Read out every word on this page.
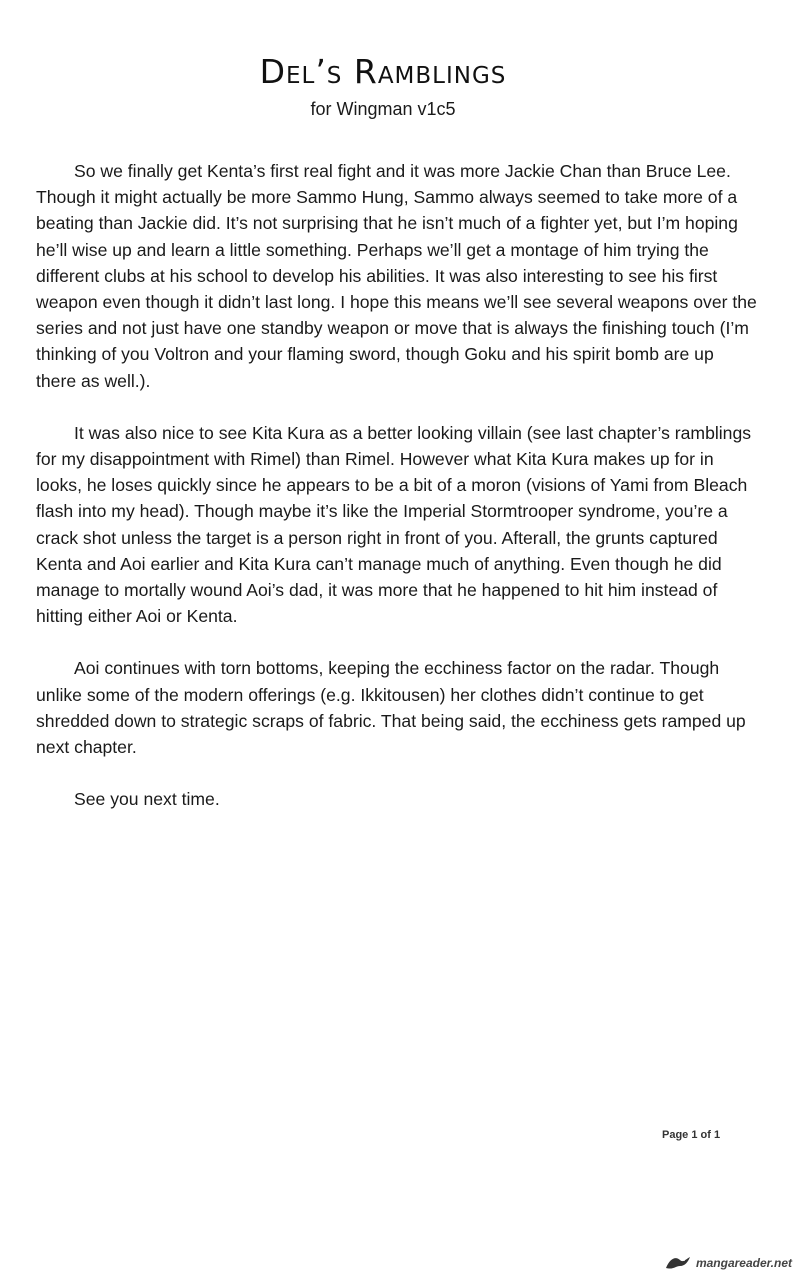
Del’s Ramblings
for Wingman v1c5

So we finally get Kenta’s first real fight and it was more Jackie Chan than Bruce Lee. Though it might actually be more Sammo Hung, Sammo always seemed to take more of a beating than Jackie did. It’s not surprising that he isn’t much of a fighter yet, but I’m hoping he’ll wise up and learn a little something. Perhaps we’ll get a montage of him trying the different clubs at his school to develop his abilities. It was also interesting to see his first weapon even though it didn’t last long. I hope this means we’ll see several weapons over the series and not just have one standby weapon or move that is always the finishing touch (I’m thinking of you Voltron and your flaming sword, though Goku and his spirit bomb are up there as well.).

It was also nice to see Kita Kura as a better looking villain (see last chapter’s ramblings for my disappointment with Rimel) than Rimel. However what Kita Kura makes up for in looks, he loses quickly since he appears to be a bit of a moron (visions of Yami from Bleach flash into my head). Though maybe it’s like the Imperial Stormtrooper syndrome, you’re a crack shot unless the target is a person right in front of you. Afterall, the grunts captured Kenta and Aoi earlier and Kita Kura can’t manage much of anything. Even though he did manage to mortally wound Aoi’s dad, it was more that he happened to hit him instead of hitting either Aoi or Kenta.

Aoi continues with torn bottoms, keeping the ecchiness factor on the radar. Though unlike some of the modern offerings (e.g. Ikkitousen) her clothes didn’t continue to get shredded down to strategic scraps of fabric. That being said, the ecchiness gets ramped up next chapter.

See you next time.

Page 1 of 1
mangareader.net
